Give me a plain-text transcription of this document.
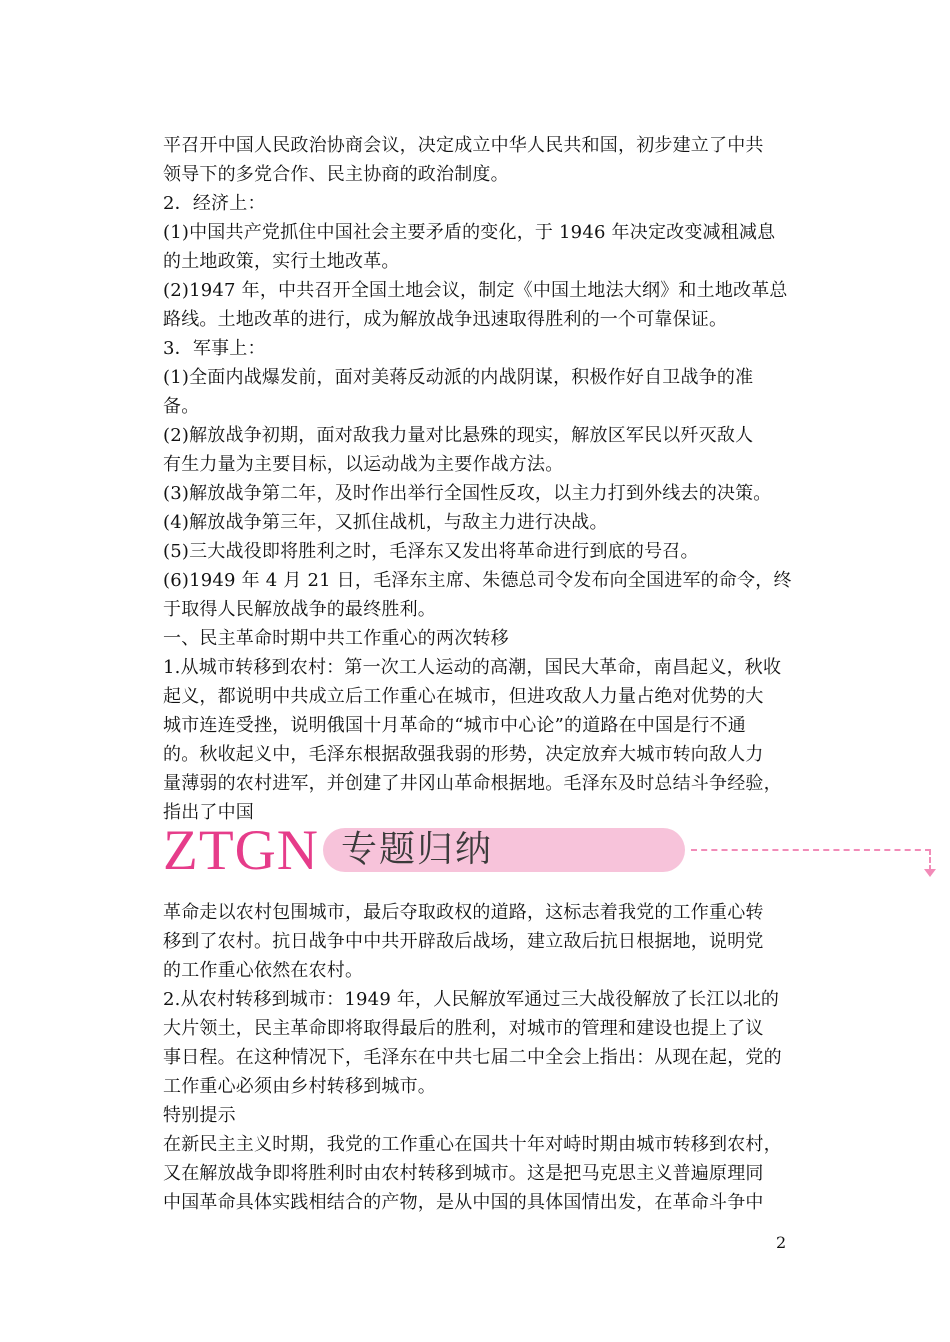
平召开中国人民政治协商会议，决定成立中华人民共和国，初步建立了中共
领导下的多党合作、民主协商的政治制度。
2．经济上：
(1)中国共产党抓住中国社会主要矛盾的变化，于 1946 年决定改变减租减息
的土地政策，实行土地改革。
(2)1947 年，中共召开全国土地会议，制定《中国土地法大纲》和土地改革总
路线。土地改革的进行，成为解放战争迅速取得胜利的一个可靠保证。
3．军事上：
(1)全面内战爆发前，面对美蒋反动派的内战阴谋，积极作好自卫战争的准
备。
(2)解放战争初期，面对敌我力量对比悬殊的现实，解放区军民以歼灭敌人
有生力量为主要目标，以运动战为主要作战方法。
(3)解放战争第二年，及时作出举行全国性反攻，以主力打到外线去的决策。
(4)解放战争第三年，又抓住战机，与敌主力进行决战。
(5)三大战役即将胜利之时，毛泽东又发出将革命进行到底的号召。
(6)1949 年 4 月 21 日，毛泽东主席、朱德总司令发布向全国进军的命令，终
于取得人民解放战争的最终胜利。
一、民主革命时期中共工作重心的两次转移
1.从城市转移到农村：第一次工人运动的高潮，国民大革命，南昌起义，秋收
起义，都说明中共成立后工作重心在城市，但进攻敌人力量占绝对优势的大
城市连连受挫，说明俄国十月革命的“城市中心论”的道路在中国是行不通
的。秋收起义中，毛泽东根据敌强我弱的形势，决定放弃大城市转向敌人力
量薄弱的农村进军，并创建了井冈山革命根据地。毛泽东及时总结斗争经验，
指出了中国
ZTGN 专题归纳
革命走以农村包围城市，最后夺取政权的道路，这标志着我党的工作重心转
移到了农村。抗日战争中中共开辟敌后战场，建立敌后抗日根据地，说明党
的工作重心依然在农村。
2.从农村转移到城市：1949 年，人民解放军通过三大战役解放了长江以北的
大片领土，民主革命即将取得最后的胜利，对城市的管理和建设也提上了议
事日程。在这种情况下，毛泽东在中共七届二中全会上指出：从现在起，党的
工作重心必须由乡村转移到城市。
特别提示
在新民主主义时期，我党的工作重心在国共十年对峙时期由城市转移到农村，
又在解放战争即将胜利时由农村转移到城市。这是把马克思主义普遍原理同
中国革命具体实践相结合的产物，是从中国的具体国情出发，在革命斗争中
2
